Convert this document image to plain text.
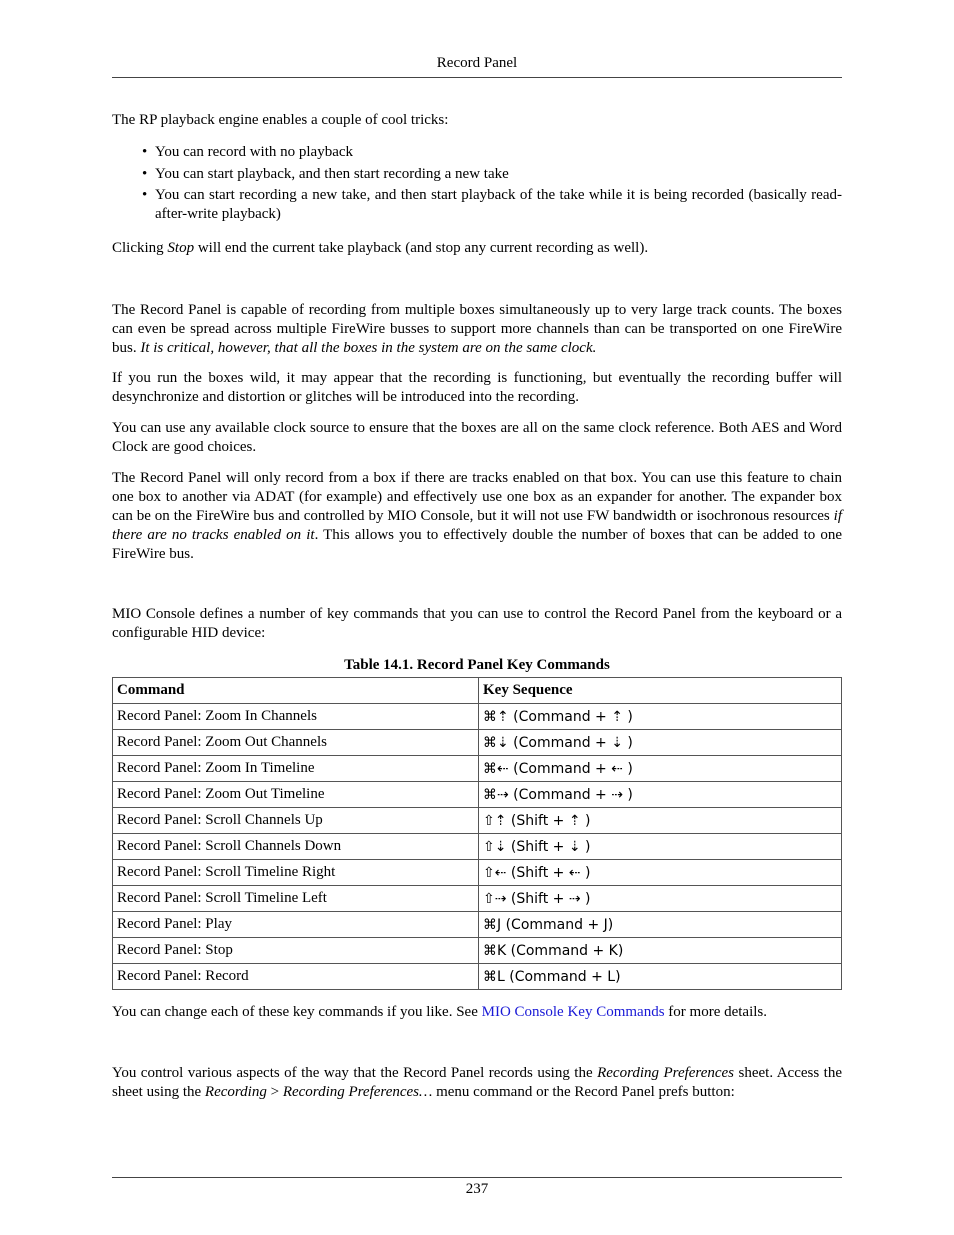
Record Panel

The RP playback engine enables a couple of cool tricks:

• You can record with no playback
• You can start playback, and then start recording a new take
• You can start recording a new take, and then start playback of the take while it is being recorded (basically read-after-write playback)

Clicking Stop will end the current take playback (and stop any current recording as well).

The Record Panel is capable of recording from multiple boxes simultaneously up to very large track counts. The boxes can even be spread across multiple FireWire busses to support more channels than can be transported on one FireWire bus. It is critical, however, that all the boxes in the system are on the same clock.

If you run the boxes wild, it may appear that the recording is functioning, but eventually the recording buffer will desynchronize and distortion or glitches will be introduced into the recording.

You can use any available clock source to ensure that the boxes are all on the same clock reference. Both AES and Word Clock are good choices.

The Record Panel will only record from a box if there are tracks enabled on that box. You can use this feature to chain one box to another via ADAT (for example) and effectively use one box as an expander for another. The expander box can be on the FireWire bus and controlled by MIO Console, but it will not use FW bandwidth or isochronous resources if there are no tracks enabled on it. This allows you to effectively double the number of boxes that can be added to one FireWire bus.

MIO Console defines a number of key commands that you can use to control the Record Panel from the keyboard or a configurable HID device:

Table 14.1. Record Panel Key Commands
Command	Key Sequence
Record Panel: Zoom In Channels	⌘⇡ (Command + ⇡ )
Record Panel: Zoom Out Channels	⌘⇣ (Command + ⇣ )
Record Panel: Zoom In Timeline	⌘⇠ (Command + ⇠ )
Record Panel: Zoom Out Timeline	⌘⇢ (Command + ⇢ )
Record Panel: Scroll Channels Up	⇧⇡ (Shift + ⇡ )
Record Panel: Scroll Channels Down	⇧⇣ (Shift + ⇣ )
Record Panel: Scroll Timeline Right	⇧⇠ (Shift + ⇠ )
Record Panel: Scroll Timeline Left	⇧⇢ (Shift + ⇢ )
Record Panel: Play	⌘J (Command + J)
Record Panel: Stop	⌘K (Command + K)
Record Panel: Record	⌘L (Command + L)

You can change each of these key commands if you like. See MIO Console Key Commands for more details.

You control various aspects of the way that the Record Panel records using the Recording Preferences sheet. Access the sheet using the Recording > Recording Preferences… menu command or the Record Panel prefs button:

237
